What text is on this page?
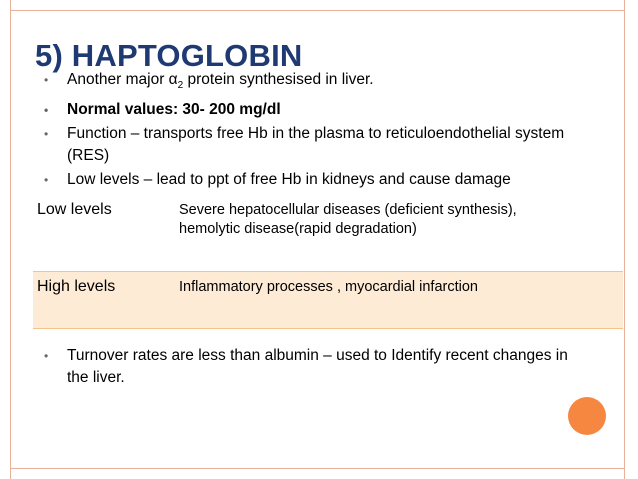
5) HAPTOGLOBIN
• Another major $\alpha_2$ protein synthesised in liver.
• Normal values: 30- 200 mg/dl
• Function – transports free Hb in the plasma to reticuloendothelial system
(RES)
• Low levels – lead to ppt of free Hb in kidneys and cause damage
Low levels	Severe hepatocellular diseases (deficient synthesis),
hemolytic disease(rapid degradation)

High levels	Inflammatory processes , myocardial infarction
• Turnover rates are less than albumin – used to Identify recent changes in
the liver.
